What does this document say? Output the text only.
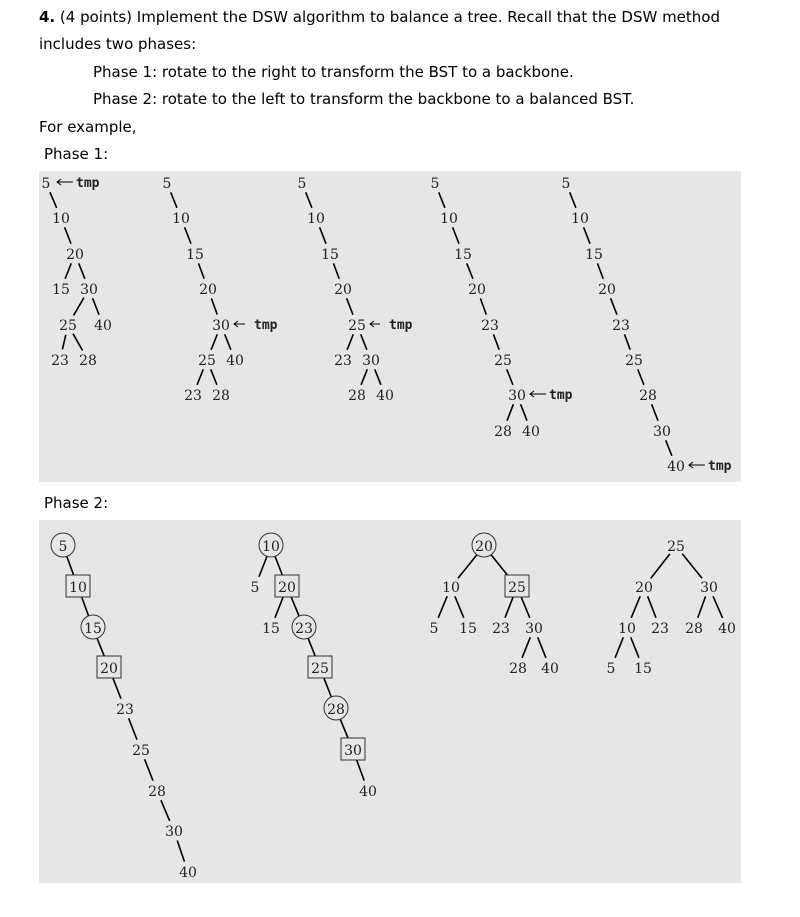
4. (4 points) Implement the DSW algorithm to balance a tree. Recall that the DSW method
includes two phases:
Phase 1: rotate to the right to transform the BST to a backbone.
Phase 2: rotate to the left to transform the backbone to a balanced BST.
For example,
Phase 1:
Phase 2:
5
10
20
15 30
25 40
23 28
tmp	5
10
15
20
30
25 40
23 28
tmp
5
10
15
20
25
23 30
28 40
tmp
5
10
15
20
23
25
30
28 40
tmp
5
10
15
20
23
25
28
30
40 tmp
5
10
15
20
23
25
28
30
40
10
5 20
15 23
25
28
30
40
20
10	25
5 15 23 30
28 40
25
20	30
10 23 28 40
5 15
